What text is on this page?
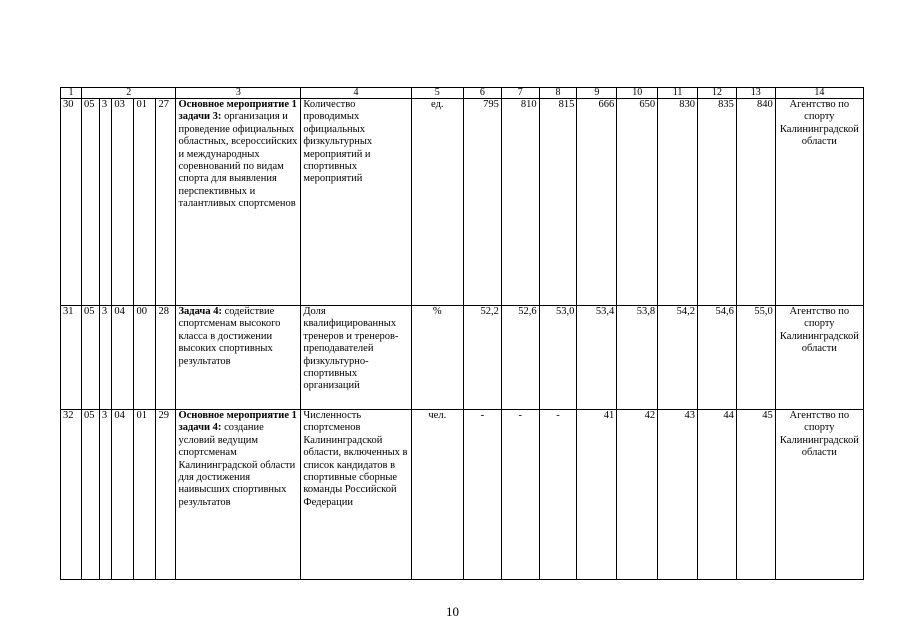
1	2					3	4	5	6	7	8	9	10	11	12	13	14
30	05	3	03	01	27	Основное мероприятие 1 задачи 3: организация и проведение официальных областных, всероссийских и международных соревнований по видам спорта для выявления перспективных и талантливых спортсменов	Количество проводимых официальных физкультурных мероприятий и спортивных мероприятий	ед.	795	810	815	666	650	830	835	840	Агентство по спорту Калининградской области
31	05	3	04	00	28	Задача 4: содействие спортсменам высокого класса в достижении высоких спортивных результатов	Доля квалифицированных тренеров и тренеров-преподавателей физкультурно-спортивных организаций	%	52,2	52,6	53,0	53,4	53,8	54,2	54,6	55,0	Агентство по спорту Калининградской области
32	05	3	04	01	29	Основное мероприятие 1 задачи 4: создание условий ведущим спортсменам Калининградской области для достижения наивысших спортивных результатов	Численность спортсменов Калининградской области, включенных в список кандидатов в спортивные сборные команды Российской Федерации	чел.	-	-	-	41	42	43	44	45	Агентство по спорту Калининградской области
10
